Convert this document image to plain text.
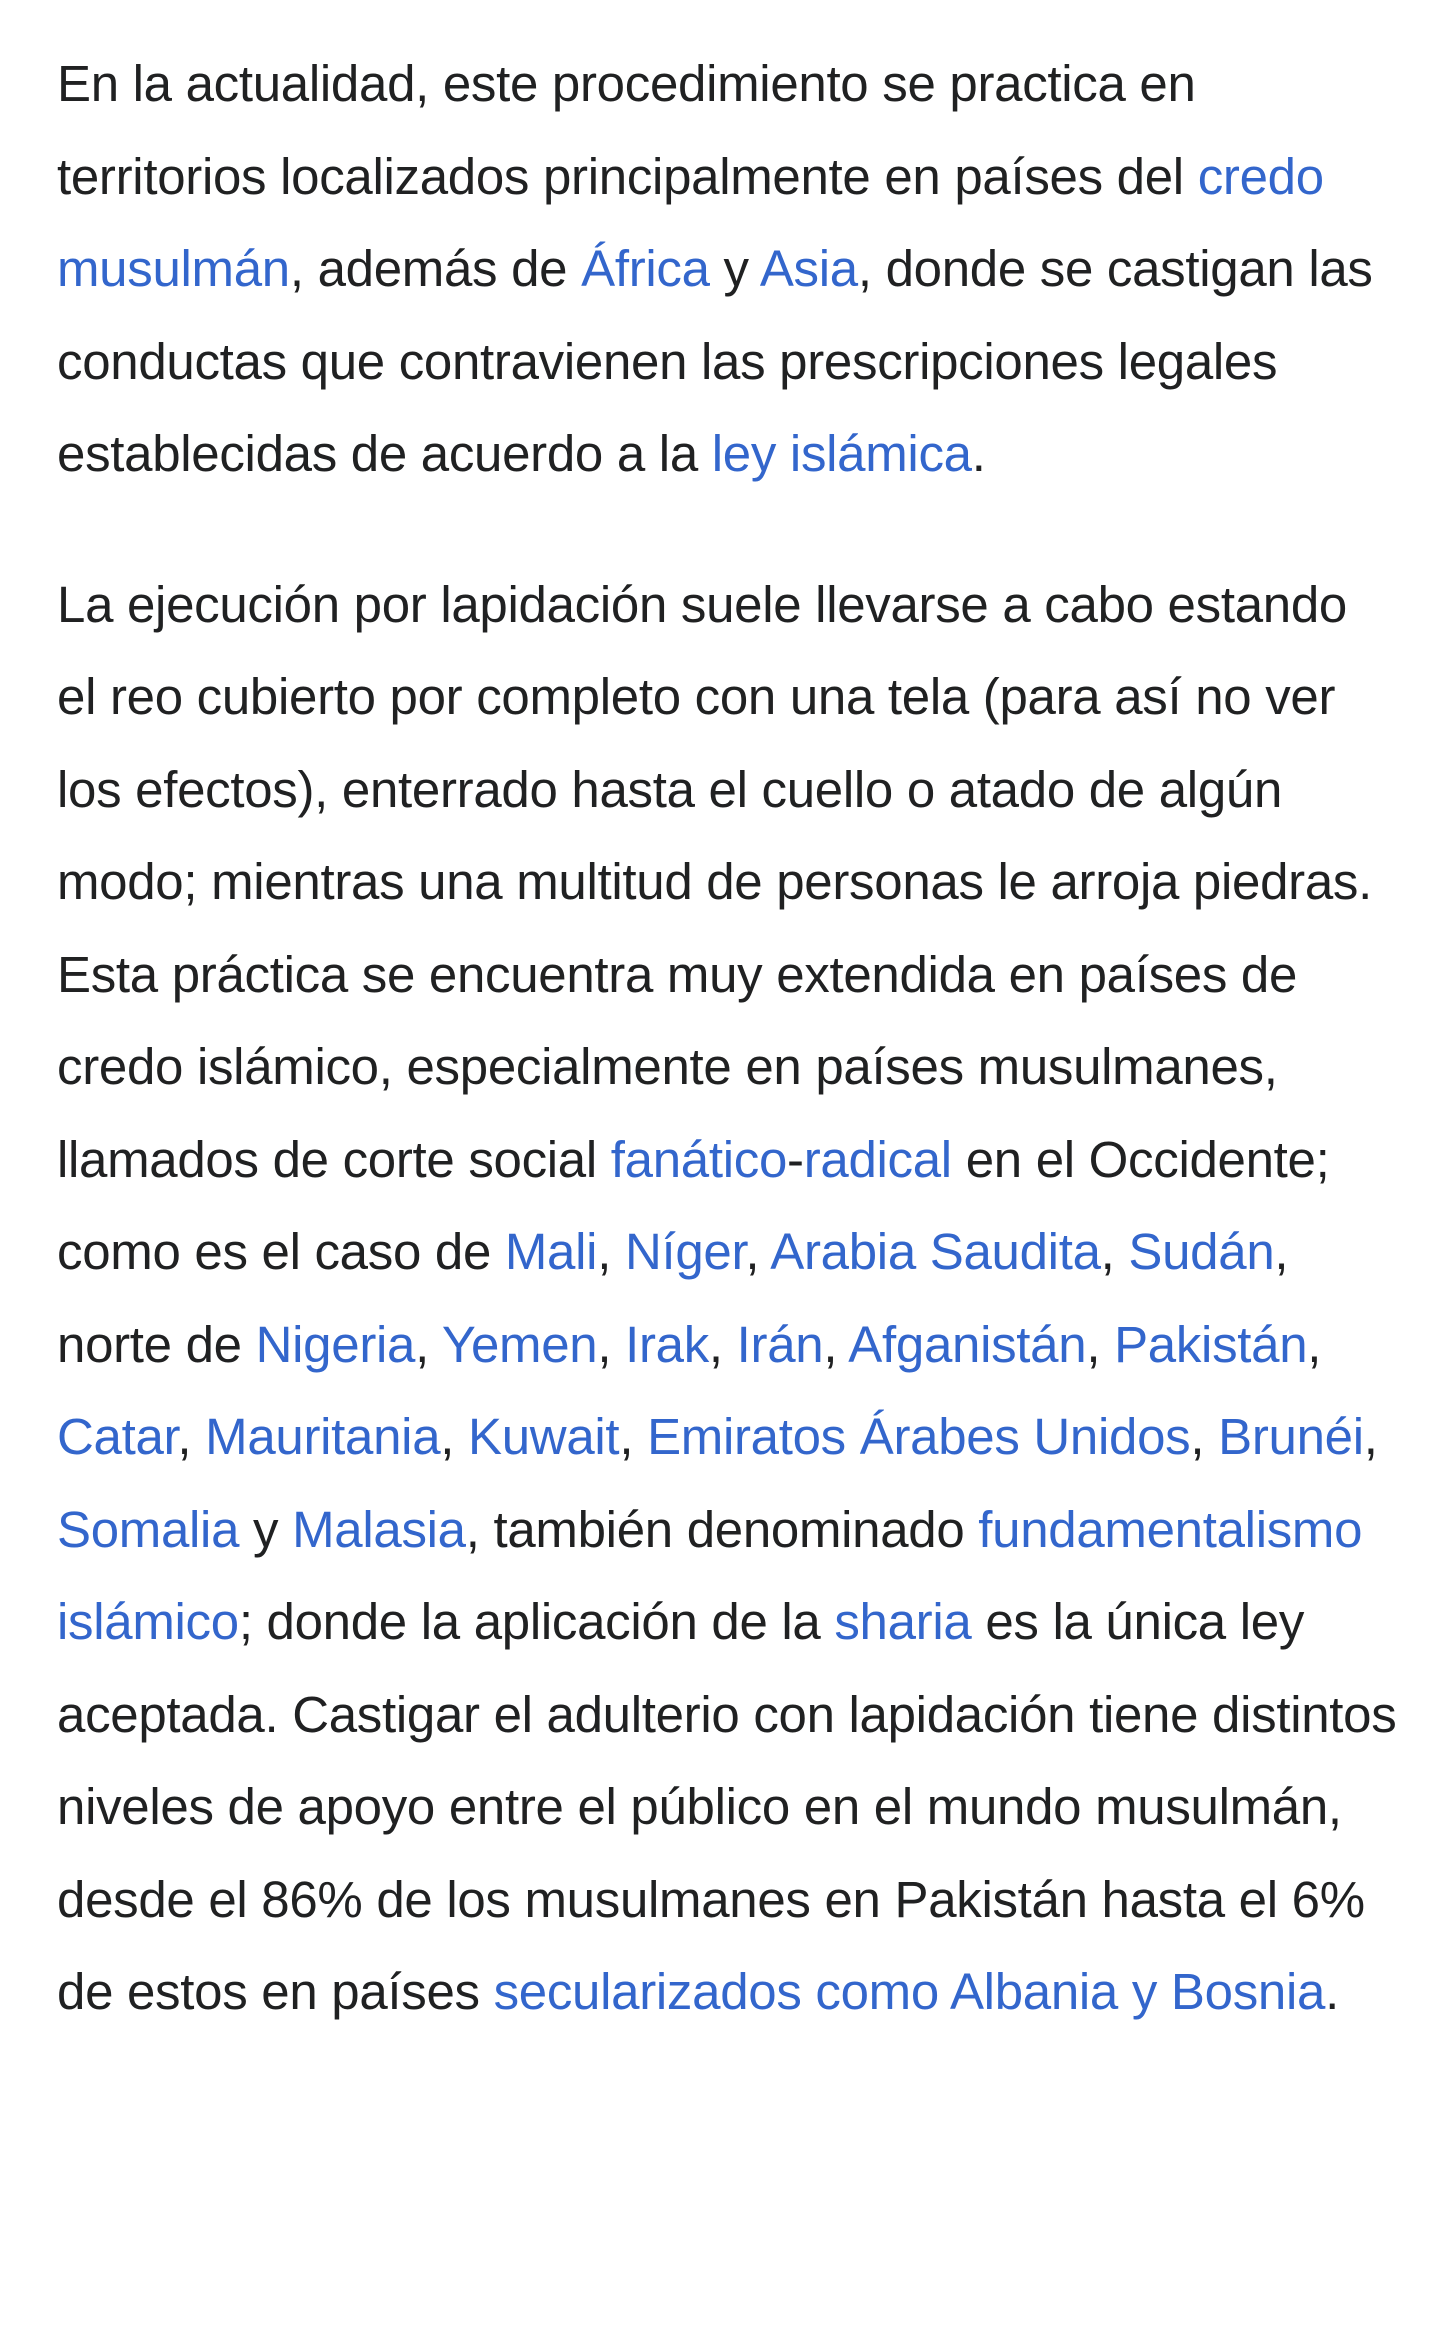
En la actualidad, este procedimiento se practica en territorios localizados principalmente en países del credo musulmán, además de África y Asia, donde se castigan las conductas que contravienen las prescripciones legales establecidas de acuerdo a la ley islámica.

La ejecución por lapidación suele llevarse a cabo estando el reo cubierto por completo con una tela (para así no ver los efectos), enterrado hasta el cuello o atado de algún modo; mientras una multitud de personas le arroja piedras. Esta práctica se encuentra muy extendida en países de credo islámico, especialmente en países musulmanes, llamados de corte social fanático-radical en el Occidente; como es el caso de Mali, Níger, Arabia Saudita, Sudán, norte de Nigeria, Yemen, Irak, Irán, Afganistán, Pakistán, Catar, Mauritania, Kuwait, Emiratos Árabes Unidos, Brunéi, Somalia y Malasia, también denominado fundamentalismo islámico; donde la aplicación de la sharia es la única ley aceptada. Castigar el adulterio con lapidación tiene distintos niveles de apoyo entre el público en el mundo musulmán, desde el 86% de los musulmanes en Pakistán hasta el 6% de estos en países secularizados como Albania y Bosnia.
